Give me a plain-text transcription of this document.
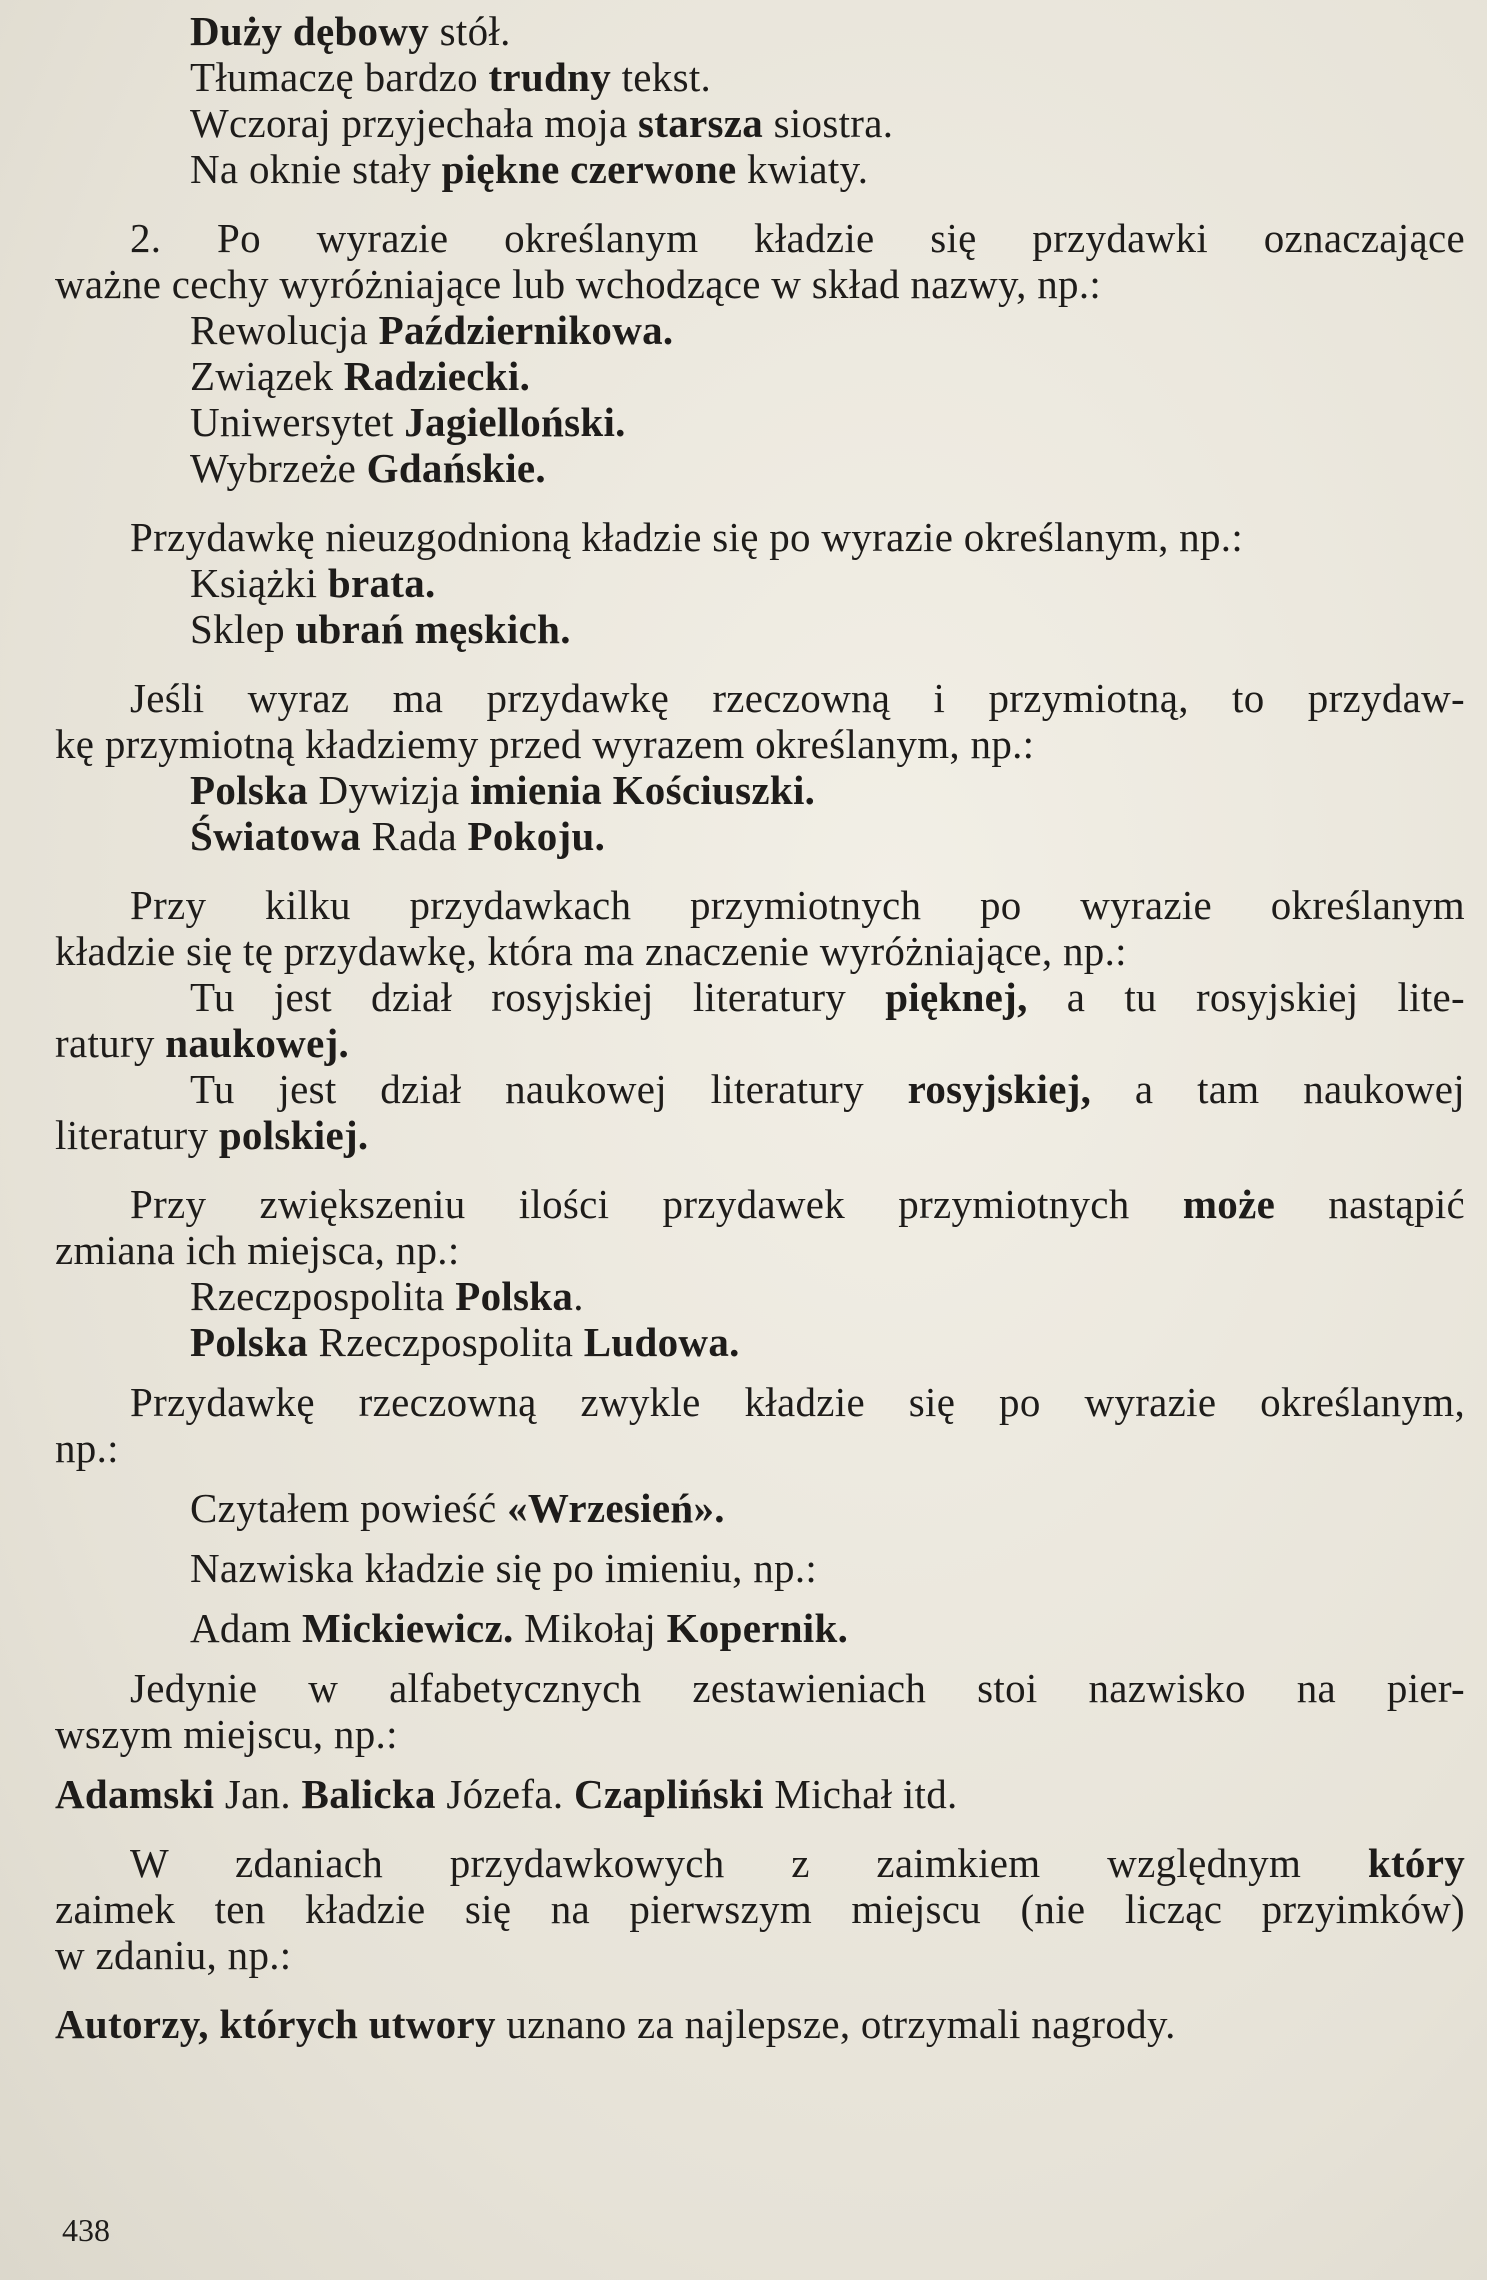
Duży dębowy stół.
Tłumaczę bardzo trudny tekst.
Wczoraj przyjechała moja starsza siostra.
Na oknie stały piękne czerwone kwiaty.
2. Po wyrazie określanym kładzie się przydawki oznaczające
ważne cechy wyróżniające lub wchodzące w skład nazwy, np.:
Rewolucja Październikowa.
Związek Radziecki.
Uniwersytet Jagielloński.
Wybrzeże Gdańskie.
Przydawkę nieuzgodnioną kładzie się po wyrazie określanym, np.:
Książki brata.
Sklep ubrań męskich.
Jeśli wyraz ma przydawkę rzeczowną i przymiotną, to przydaw-
kę przymiotną kładziemy przed wyrazem określanym, np.:
Polska Dywizja imienia Kościuszki.
Światowa Rada Pokoju.
Przy kilku przydawkach przymiotnych po wyrazie określanym
kładzie się tę przydawkę, która ma znaczenie wyróżniające, np.:
Tu jest dział rosyjskiej literatury pięknej, a tu rosyjskiej lite-
ratury naukowej.
Tu jest dział naukowej literatury rosyjskiej, a tam naukowej
literatury polskiej.
Przy zwiększeniu ilości przydawek przymiotnych może nastąpić
zmiana ich miejsca, np.:
Rzeczpospolita Polska.
Polska Rzeczpospolita Ludowa.
Przydawkę rzeczowną zwykle kładzie się po wyrazie określanym,
np.:
Czytałem powieść «Wrzesień».
Nazwiska kładzie się po imieniu, np.:
Adam Mickiewicz. Mikołaj Kopernik.
Jedynie w alfabetycznych zestawieniach stoi nazwisko na pier-
wszym miejscu, np.:
Adamski Jan. Balicka Józefa. Czapliński Michał itd.
W zdaniach przydawkowych z zaimkiem względnym który
zaimek ten kładzie się na pierwszym miejscu (nie licząc przyimków)
w zdaniu, np.:
Autorzy, których utwory uznano za najlepsze, otrzymali nagrody.
438
